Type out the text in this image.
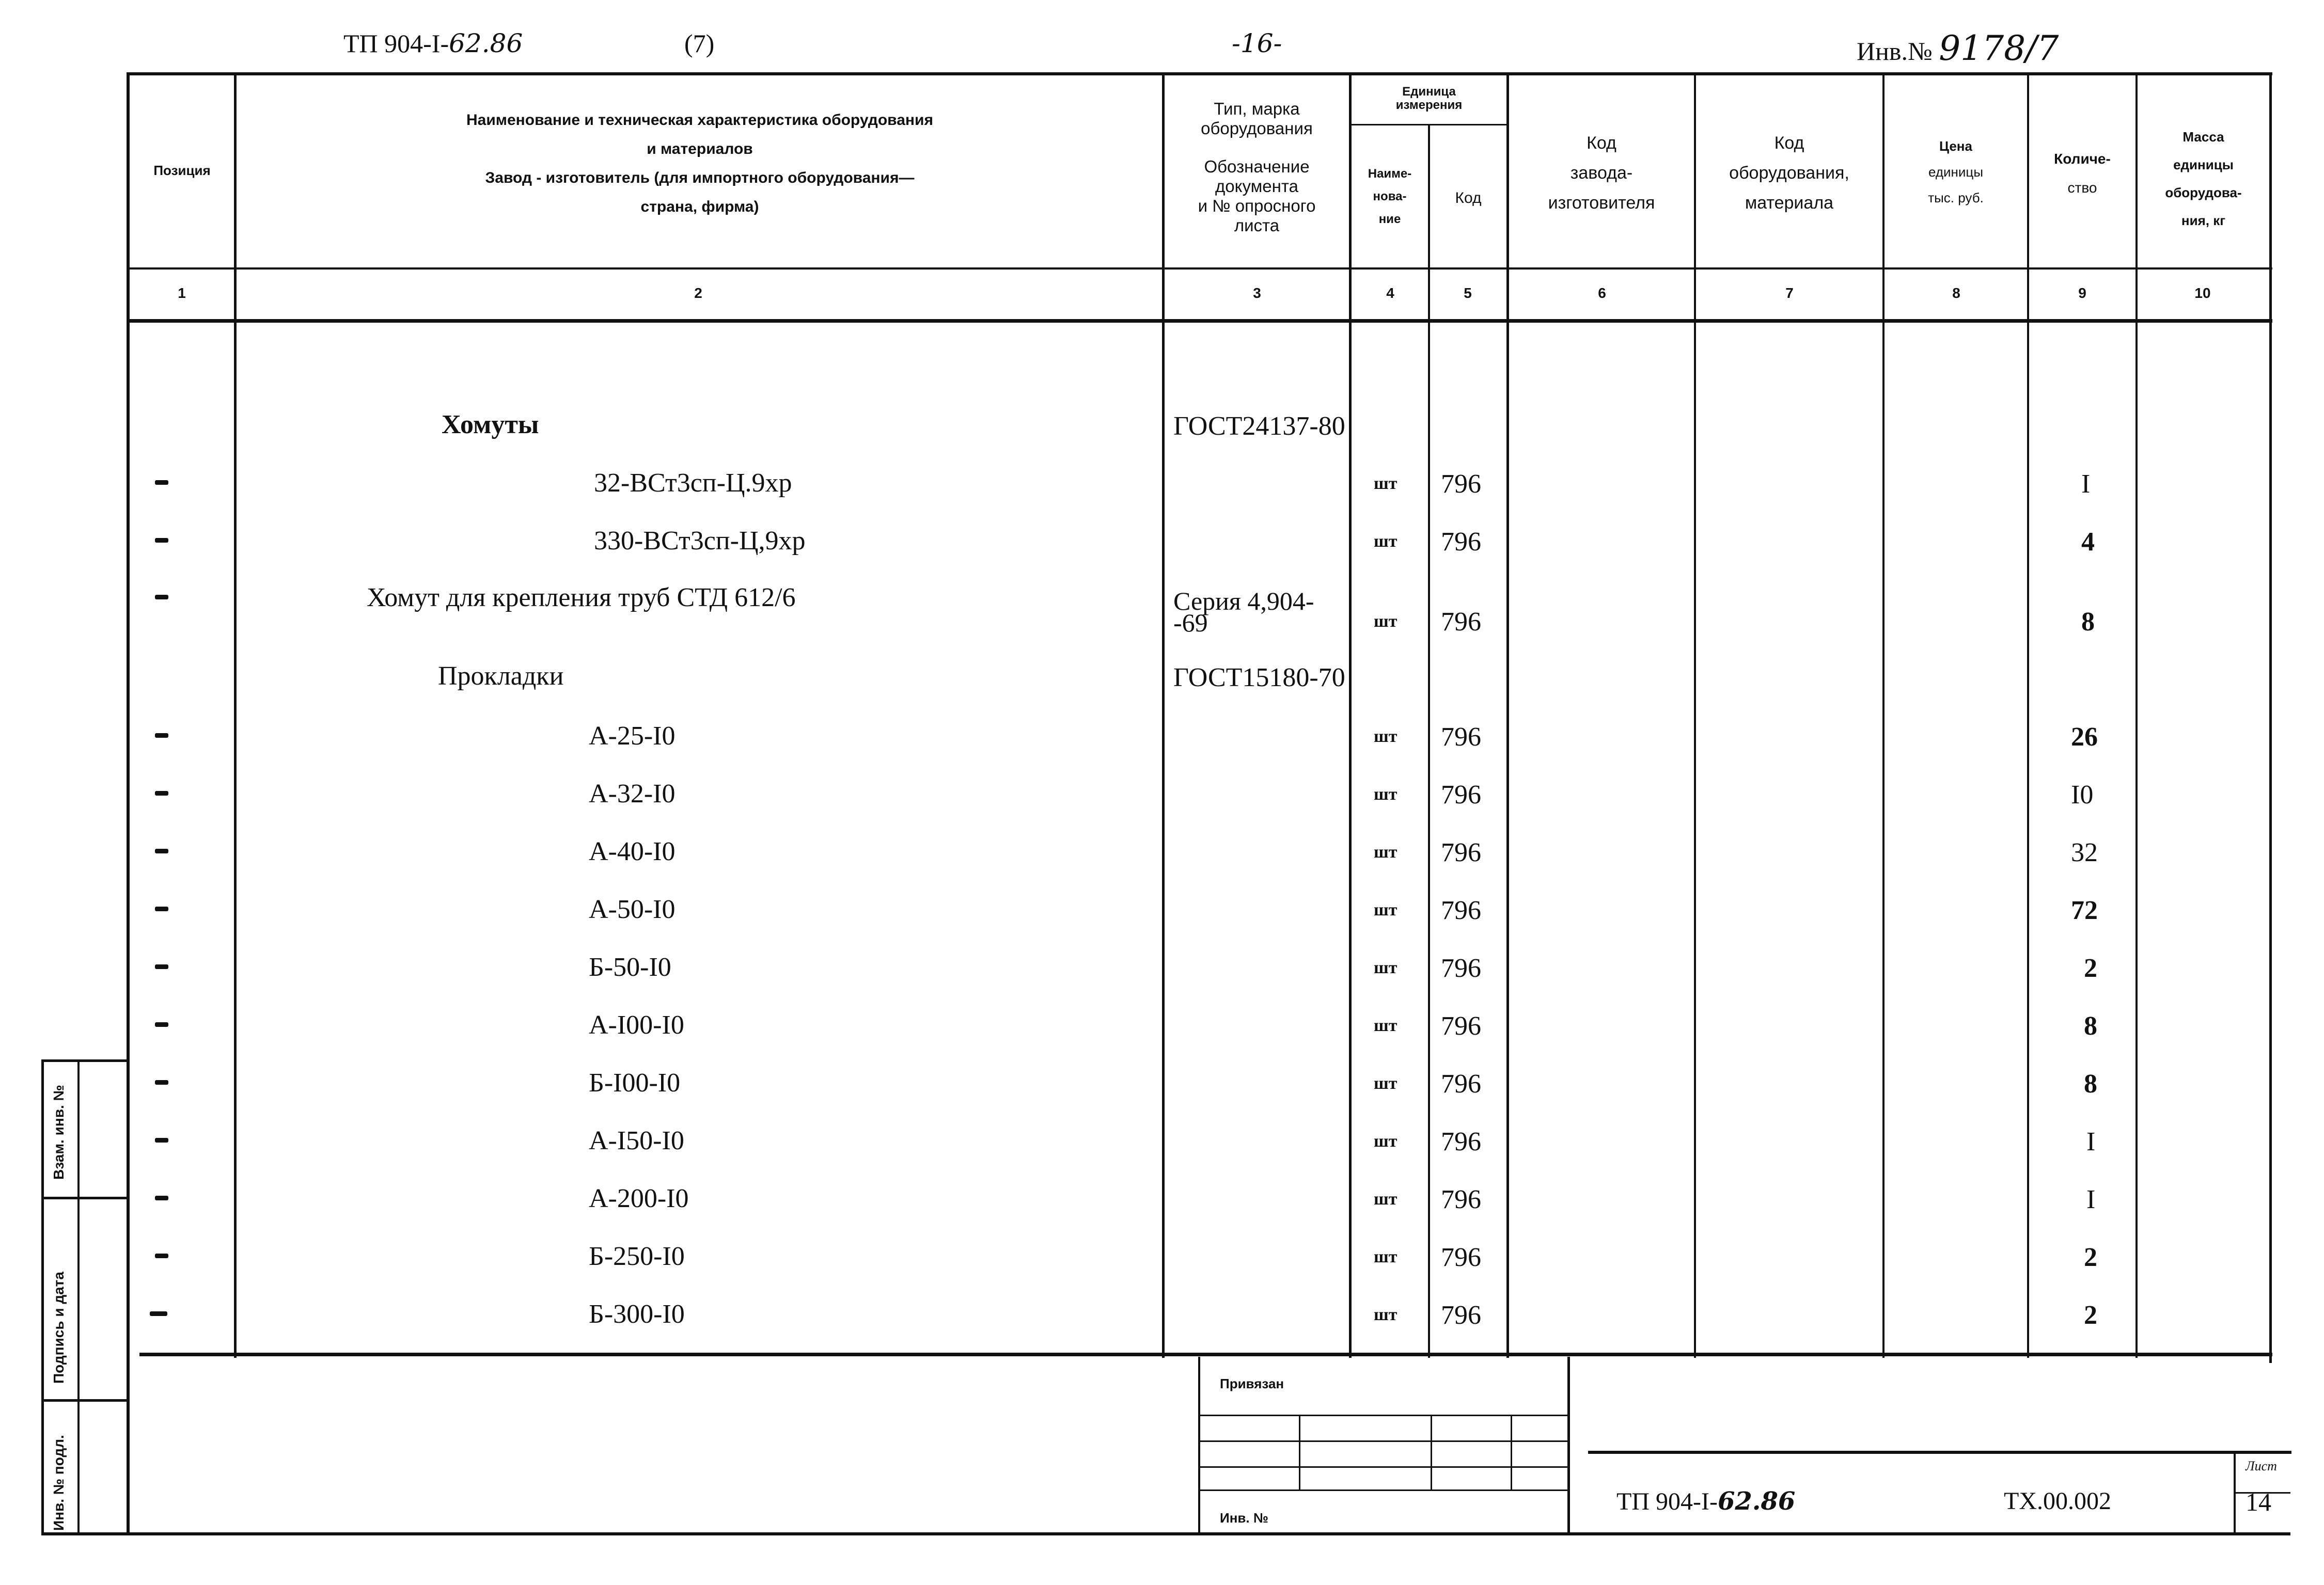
ТП 904-I-62.86	(7)	-16-	Инв.№ 9178/7
Позиция
Наименование и техническая характеристика оборудования
и материалов
Завод - изготовитель (для импортного оборудования—
страна, фирма)
Тип, марка
оборудования
Обозначение
документа
и № опросного
листа
Единица
измерения
Наиме-
нова-
ние
Код
Код
завода-
изготовителя
Код
оборудования,
материала
Цена
единицы
тыс. руб.
Количе-
ство
Масса
единицы
оборудова-
ния, кг
1	2	3	4	5	6	7	8	9	10
Хомуты	ГОСТ24137-80
32-ВСт3сп-Ц.9хр	шт 796	I
330-ВСт3сп-Ц,9хр	шт 796	4
Хомут для крепления труб СТД 612/6	Серия 4,904-
-69	шт 796	8
Прокладки	ГОСТ15180-70
А-25-I0	шт 796	26
А-32-I0	шт 796	I0
А-40-I0	шт 796	32
А-50-I0	шт 796	72
Б-50-I0	шт 796	2
А-I00-I0	шт 796	8
Б-I00-I0	шт 796	8
А-I50-I0	шт 796	I
А-200-I0	шт 796	I
Б-250-I0	шт 796	2
Б-300-I0	шт 796	2
Привязан
Инв. №
ТП 904-I-62.86	ТХ.00.002
Лист
14
Взам. инв. №
Подпись и дата
Инв. № подл.
